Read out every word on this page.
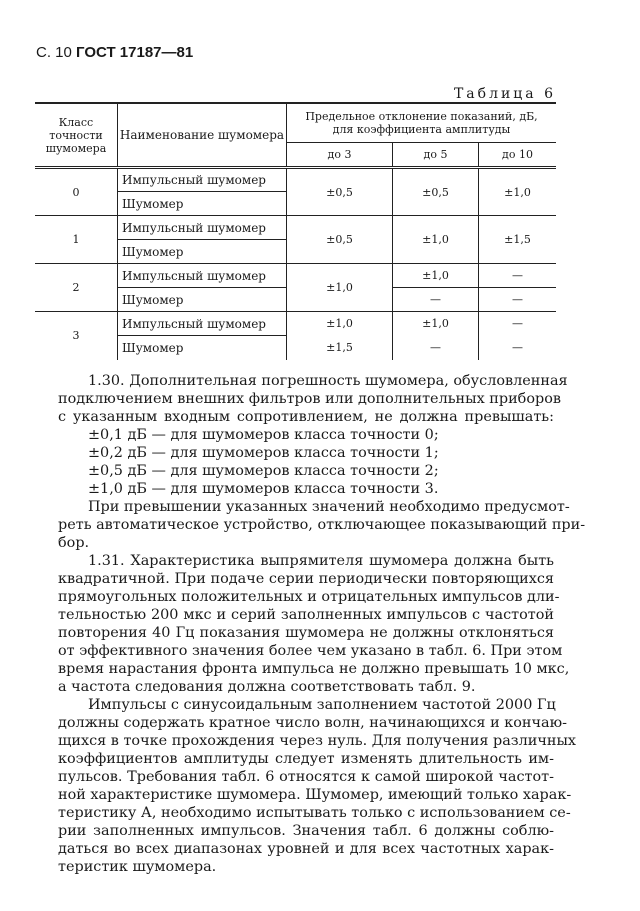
С. 10 ГОСТ 17187—81
Таблица 6
Класс точности шумомера	Наименование шумомера	Предельное отклонение показаний, дБ, для коэффициента амплитуды		
		до 3	до 5	до 10
0	Импульсный шумомер	±0,5	±0,5	±1,0
	Шумомер			
1	Импульсный шумомер	±0,5	±1,0	±1,5
	Шумомер			
2	Импульсный шумомер	±1,0	±1,0	—
	Шумомер		—	—
3	Импульсный шумомер	±1,0	±1,0	—
	Шумомер	±1,5	—	—
1.30. Дополнительная погрешность шумомера, обусловленная
подключением внешних фильтров или дополнительных приборов
с указанным входным сопротивлением, не должна превышать:
±0,1 дБ — для шумомеров класса точности 0;
±0,2 дБ — для шумомеров класса точности 1;
±0,5 дБ — для шумомеров класса точности 2;
±1,0 дБ — для шумомеров класса точности 3.
При превышении указанных значений необходимо предусмот-
реть автоматическое устройство, отключающее показывающий при-
бор.
1.31. Характеристика выпрямителя шумомера должна быть
квадратичной. При подаче серии периодически повторяющихся
прямоугольных положительных и отрицательных импульсов дли-
тельностью 200 мкс и серий заполненных импульсов с частотой
повторения 40 Гц показания шумомера не должны отклоняться
от эффективного значения более чем указано в табл. 6. При этом
время нарастания фронта импульса не должно превышать 10 мкс,
а частота следования должна соответствовать табл. 9.
Импульсы с синусоидальным заполнением частотой 2000 Гц
должны содержать кратное число волн, начинающихся и кончаю-
щихся в точке прохождения через нуль. Для получения различных
коэффициентов амплитуды следует изменять длительность им-
пульсов. Требования табл. 6 относятся к самой широкой частот-
ной характеристике шумомера. Шумомер, имеющий только харак-
теристику А, необходимо испытывать только с использованием се-
рии заполненных импульсов. Значения табл. 6 должны соблю-
даться во всех диапазонах уровней и для всех частотных харак-
теристик шумомера.
